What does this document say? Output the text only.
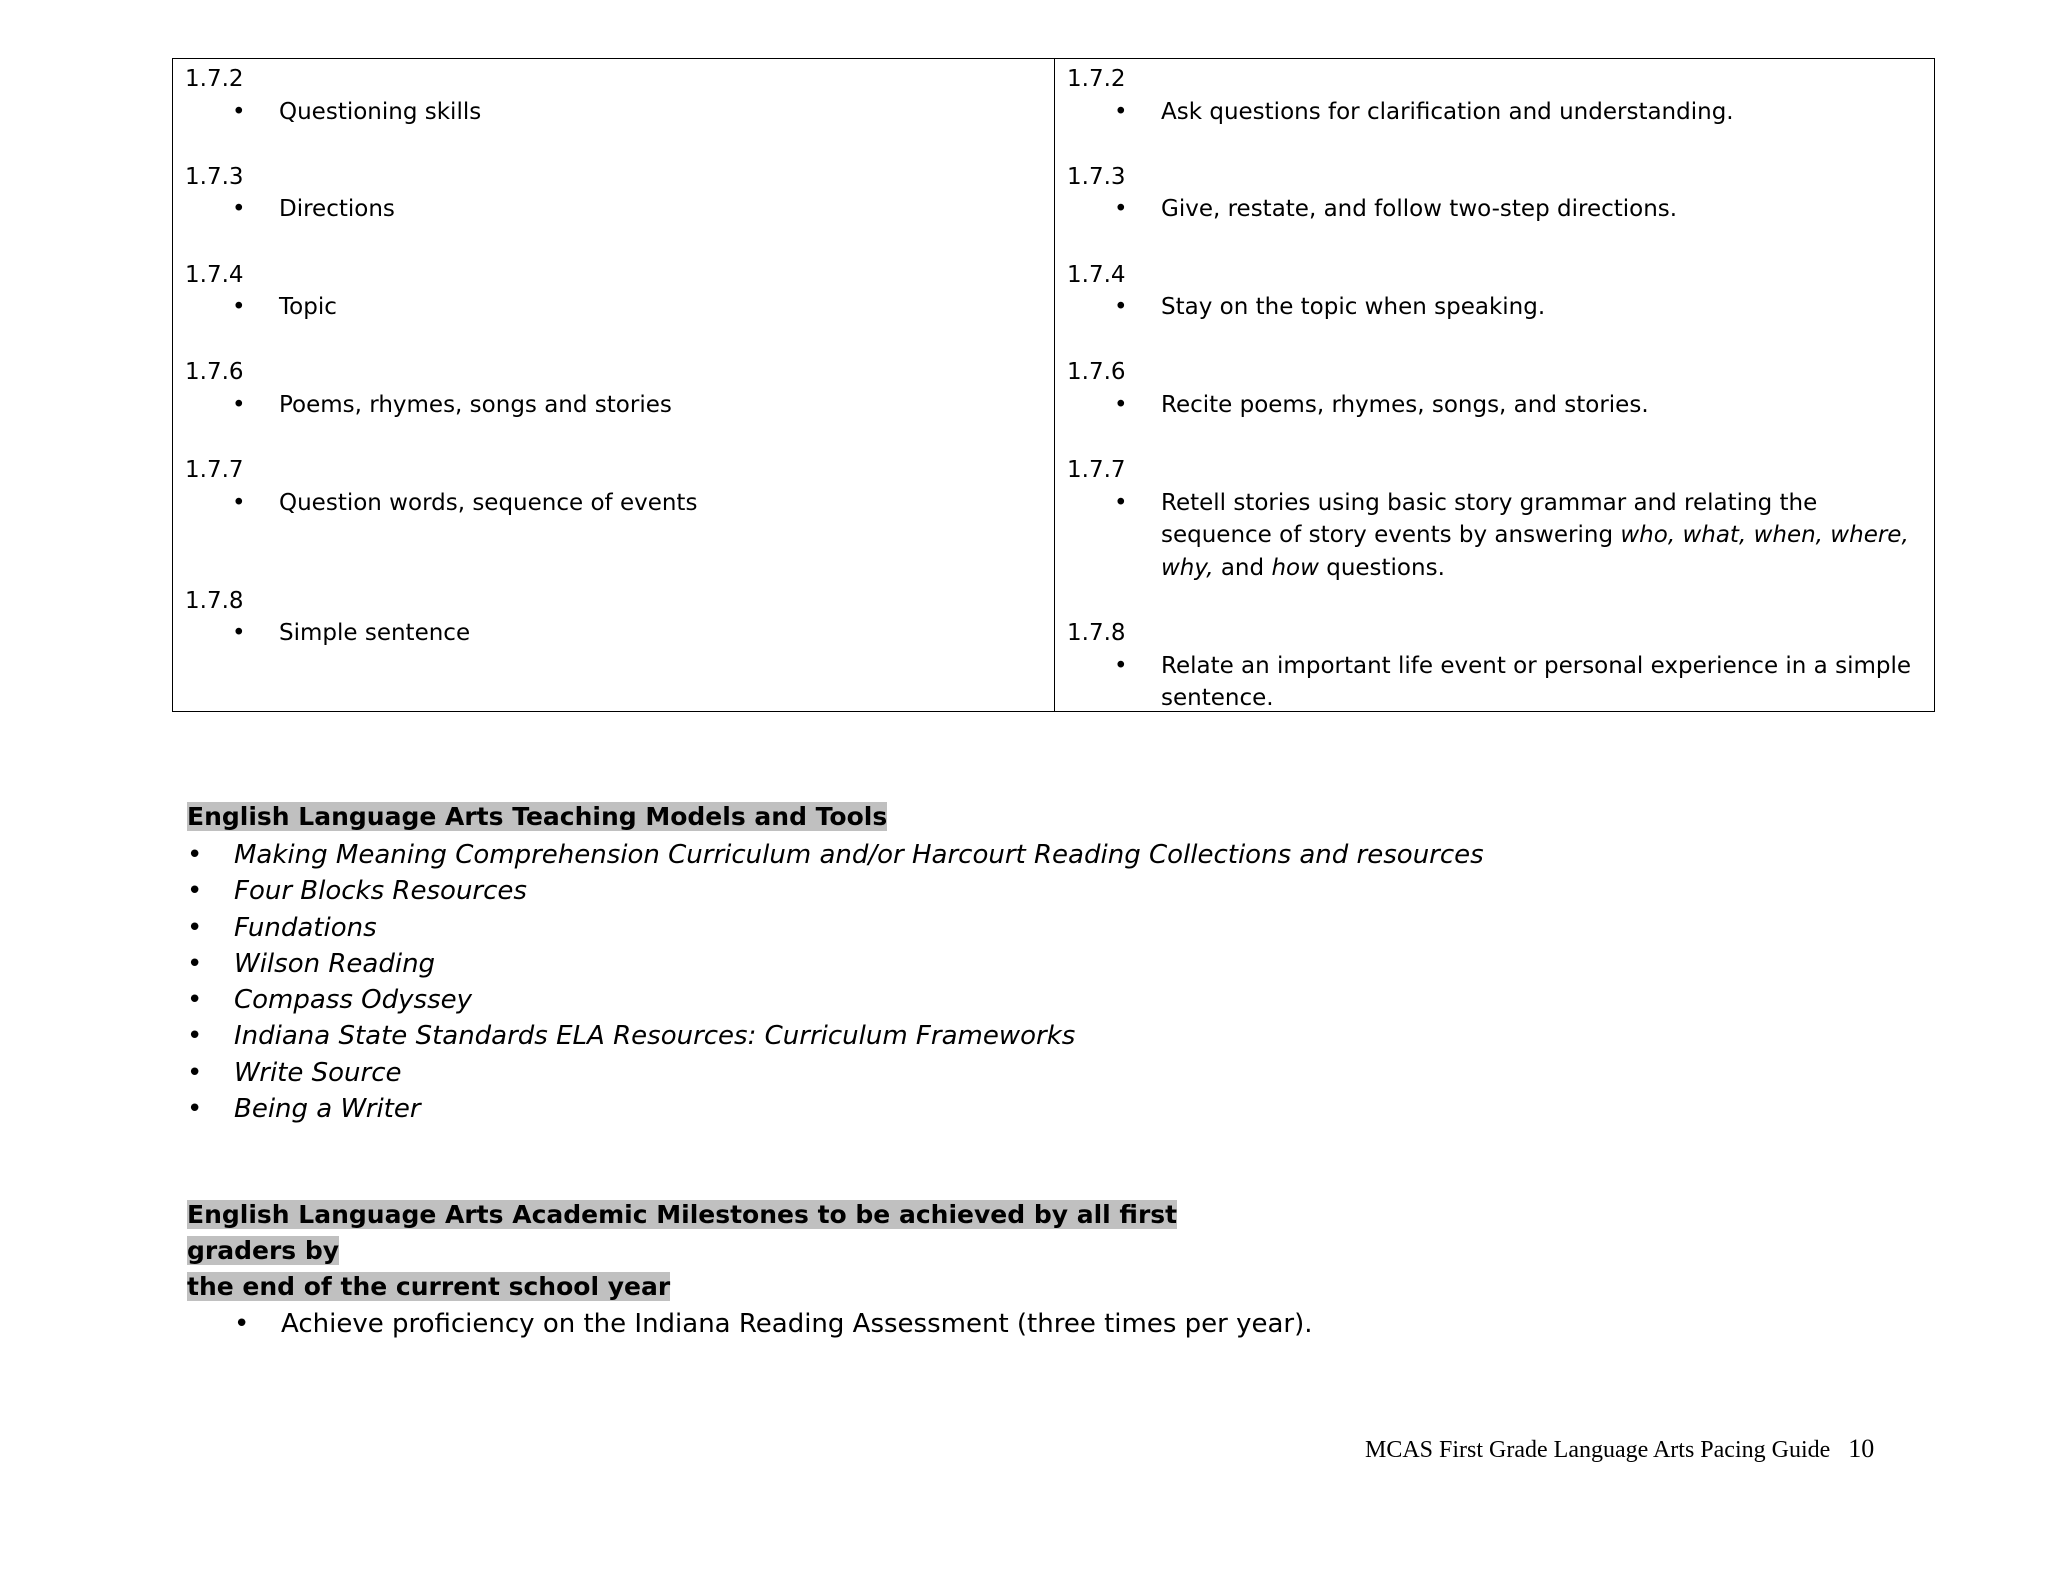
1.7.2
• Questioning skills
1.7.3
• Directions
1.7.4
• Topic
1.7.6
• Poems, rhymes, songs and stories
1.7.7
• Question words, sequence of events
1.7.8
• Simple sentence
1.7.2
• Ask questions for clarification and understanding.
1.7.3
• Give, restate, and follow two-step directions.
1.7.4
• Stay on the topic when speaking.
1.7.6
• Recite poems, rhymes, songs, and stories.
1.7.7
• Retell stories using basic story grammar and relating the sequence of story events by answering who, what, when, where, why, and how questions.
1.7.8
• Relate an important life event or personal experience in a simple sentence.
English Language Arts Teaching Models and Tools
• Making Meaning Comprehension Curriculum and/or Harcourt Reading Collections and resources
• Four Blocks Resources
• Fundations
• Wilson Reading
• Compass Odyssey
• Indiana State Standards ELA Resources: Curriculum Frameworks
• Write Source
• Being a Writer
English Language Arts Academic Milestones to be achieved by all first graders by
the end of the current school year
• Achieve proficiency on the Indiana Reading Assessment (three times per year).
MCAS First Grade Language Arts Pacing Guide 10
